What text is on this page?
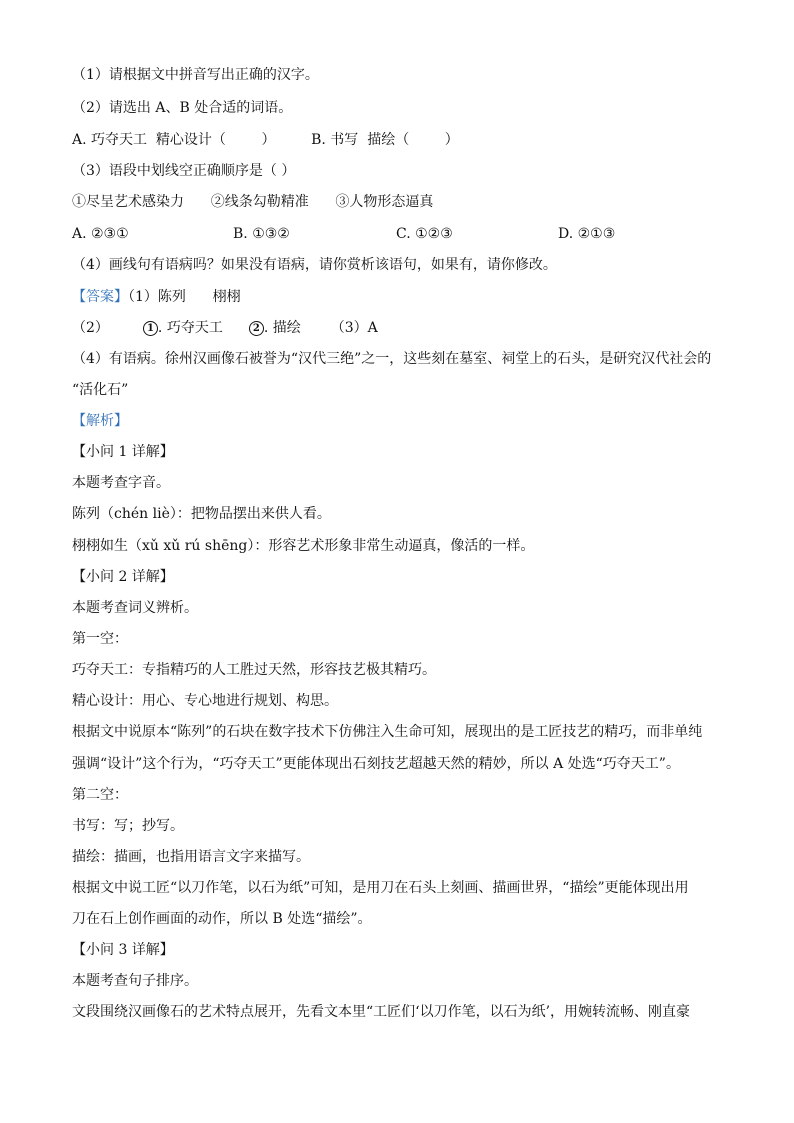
（1）请根据文中拼音写出正确的汉字。
（2）请选出 A、B 处合适的词语。
A. 巧夺天工  精心设计（        ）        B. 书写  描绘（        ）
（3）语段中划线空正确顺序是（ ）
①尽呈艺术感染力      ②线条勾勒精准      ③人物形态逼真
A. ②③①	B. ①③②	C. ①②③	D. ②①③
（4）画线句有语病吗？如果没有语病，请你赏析该语句，如果有，请你修改。
【答案】（1）陈列      栩栩
（2）	1 . 巧夺天工	2 . 描绘 （3）A
（4）有语病。徐州汉画像石被誉为“汉代三绝”之一，这些刻在墓室、祠堂上的石头，是研究汉代社会的
“活化石”
【解析】
【小问 1 详解】
本题考查字音。
陈列（chén liè）：把物品摆出来供人看。
栩栩如生（xǔ xǔ rú shēng）：形容艺术形象非常生动逼真，像活的一样。
【小问 2 详解】
本题考查词义辨析。
第一空：
巧夺天工：专指精巧的人工胜过天然，形容技艺极其精巧。
精心设计：用心、专心地进行规划、构思。
根据文中说原本“陈列”的石块在数字技术下仿佛注入生命可知，展现出的是工匠技艺的精巧，而非单纯
强调“设计”这个行为，“巧夺天工”更能体现出石刻技艺超越天然的精妙，所以 A 处选“巧夺天工”。
第二空：
书写：写；抄写。
描绘：描画，也指用语言文字来描写。
根据文中说工匠“以刀作笔，以石为纸”可知，是用刀在石头上刻画、描画世界，“描绘”更能体现出用
刀在石上创作画面的动作，所以 B 处选“描绘”。
【小问 3 详解】
本题考查句子排序。
文段围绕汉画像石的艺术特点展开，先看文本里“工匠们‘以刀作笔，以石为纸’，用婉转流畅、刚直豪
